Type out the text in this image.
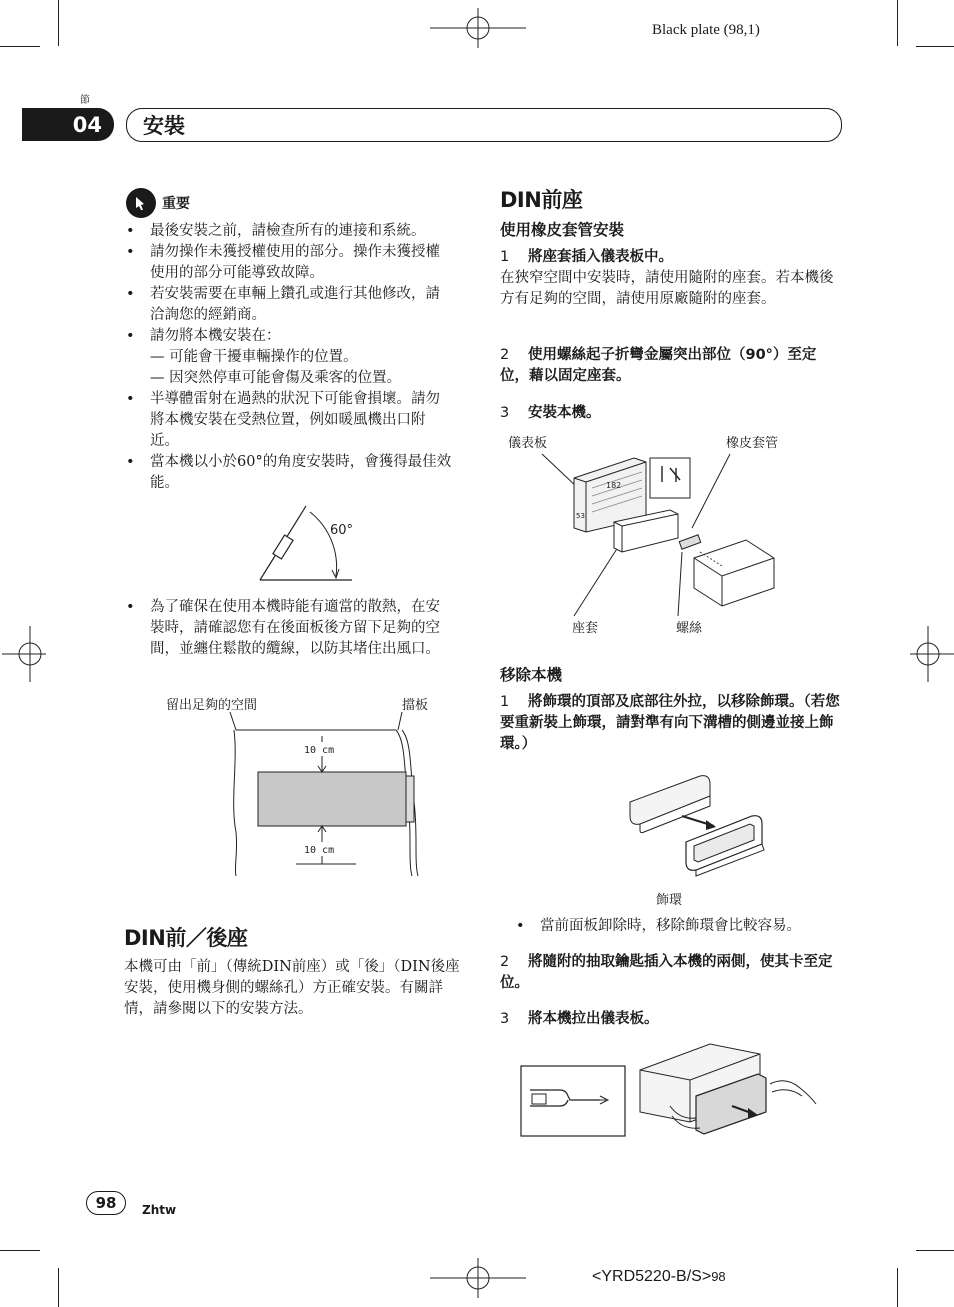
Black plate (98,1)
節
04	安裝
重要
• 最後安裝之前，請檢查所有的連接和系統。
• 請勿操作未獲授權使用的部分。操作未獲授權使用的部分可能導致故障。
• 若安裝需要在車輛上鑽孔或進行其他修改，請洽詢您的經銷商。
• 請勿將本機安裝在：
— 可能會干擾車輛操作的位置。
— 因突然停車可能會傷及乘客的位置。
• 半導體雷射在過熱的狀況下可能會損壞。請勿將本機安裝在受熱位置，例如暖風機出口附近。
• 當本機以小於60°的角度安裝時，會獲得最佳效能。
60°
• 為了確保在使用本機時能有適當的散熱，在安裝時，請確認您有在後面板後方留下足夠的空間，並纏住鬆散的纜線，以防其堵住出風口。
留出足夠的空間	擋板
10 cm
10 cm
DIN前／後座
本機可由「前」（傳統DIN前座）或「後」（DIN後座安裝，使用機身側的螺絲孔）方正確安裝。有關詳情，請參閱以下的安裝方法。
DIN前座
使用橡皮套管安裝
1 將座套插入儀表板中。
在狹窄空間中安裝時，請使用隨附的座套。若本機後方有足夠的空間，請使用原廠隨附的座套。
2 使用螺絲起子折彎金屬突出部位（90°）至定位，藉以固定座套。
3 安裝本機。
儀表板	橡皮套管
座套	螺絲
182
53
移除本機
1 將飾環的頂部及底部往外拉，以移除飾環。（若您要重新裝上飾環，請對準有向下溝槽的側邊並接上飾環。）
飾環
• 當前面板卸除時，移除飾環會比較容易。
2 將隨附的抽取鑰匙插入本機的兩側，使其卡至定位。
3 將本機拉出儀表板。
98	Zhtw
<YRD5220-B/S>98
